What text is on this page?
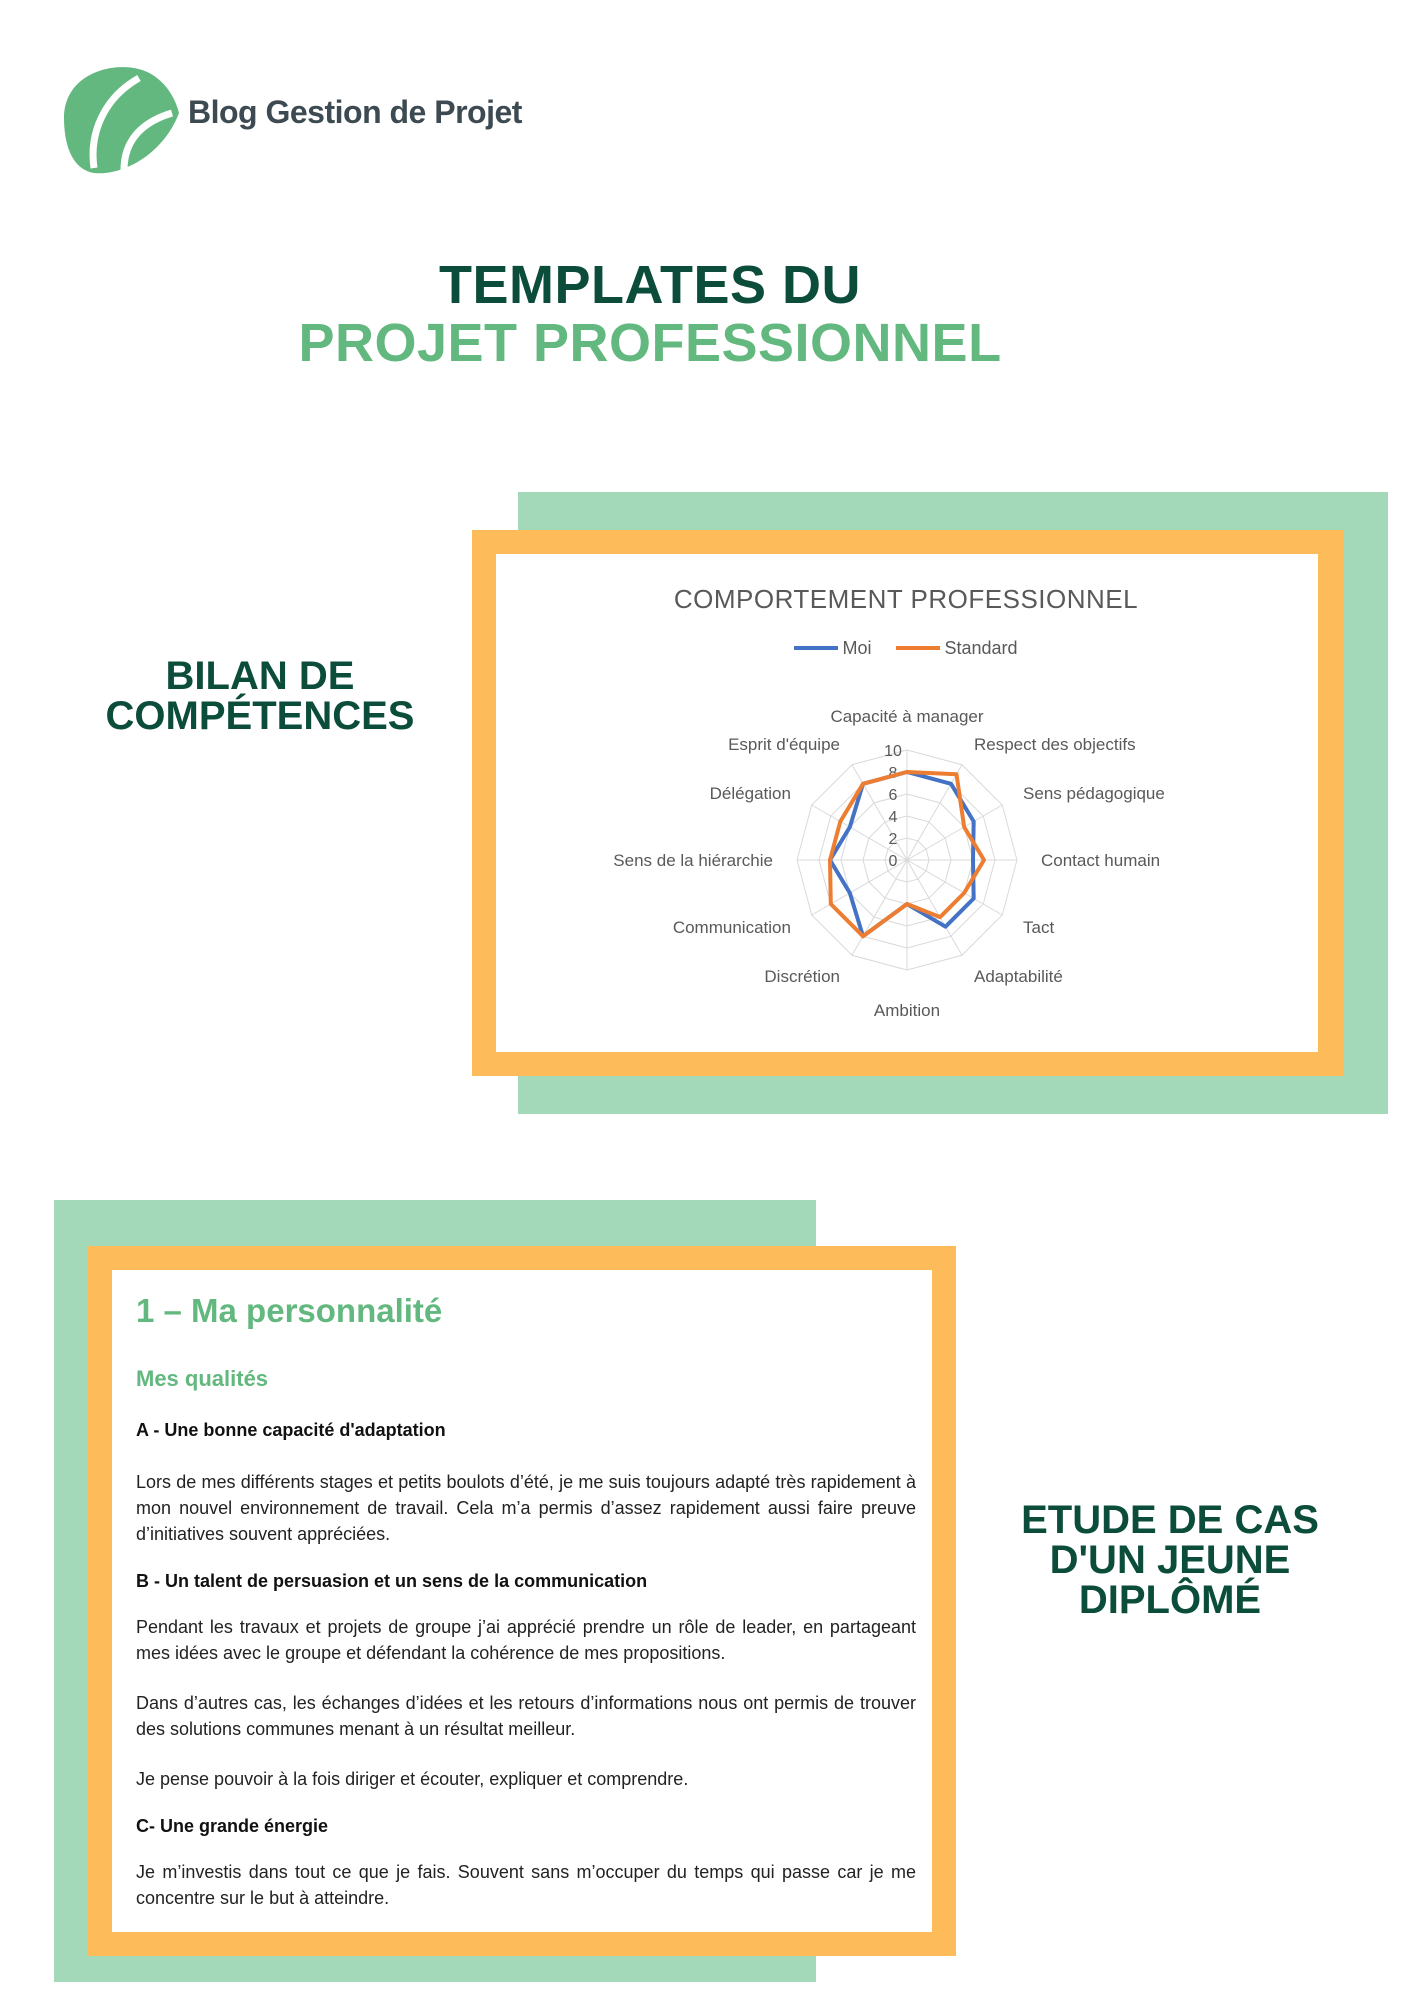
Blog Gestion de Projet
TEMPLATES DU
PROJET PROFESSIONNEL
COMPORTEMENT PROFESSIONNEL
Moi
	Standard
0
2
4
6
8
10
Capacité à manager
Respect des objectifs
Sens pédagogique
Contact humain
Tact
Adaptabilité
Ambition
Discrétion
Communication
Sens de la hiérarchie
Délégation
Esprit d'équipe
BILAN DE
COMPÉTENCES
1 – Ma personnalité
Mes qualités
A - Une bonne capacité d'adaptation
Lors de mes différents stages et petits boulots d’été, je me suis toujours adapté très rapidement à mon nouvel environnement de travail. Cela m’a permis d’assez rapidement aussi faire preuve d’initiatives souvent appréciées.
B - Un talent de persuasion et un sens de la communication
Pendant les travaux et projets de groupe j’ai apprécié prendre un rôle de leader, en partageant mes idées avec le groupe et défendant la cohérence de mes propositions.
Dans d’autres cas, les échanges d’idées et les retours d’informations nous ont permis de trouver des solutions communes menant à un résultat meilleur.
Je pense pouvoir à la fois diriger et écouter, expliquer et comprendre.
C- Une grande énergie
Je m’investis dans tout ce que je fais. Souvent sans m’occuper du temps qui passe car je me concentre sur le but à atteindre.
ETUDE DE CAS
D'UN JEUNE
DIPLÔMÉ
